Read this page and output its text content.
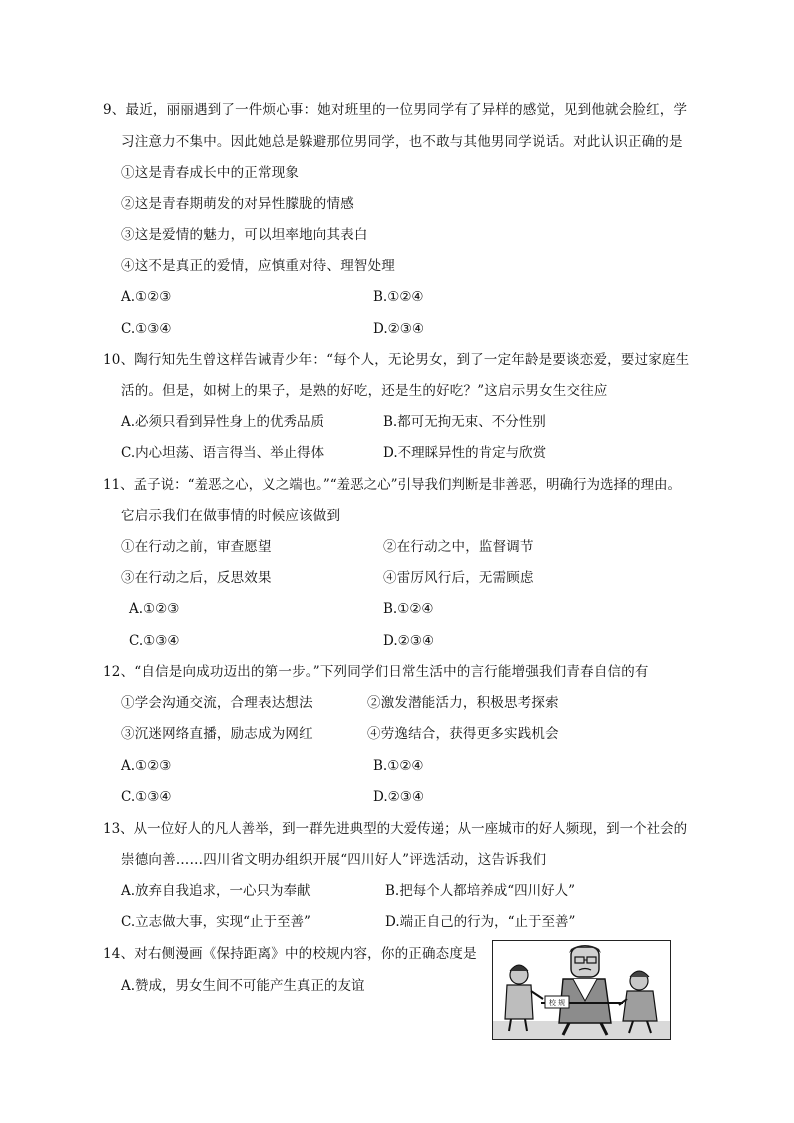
9、最近，丽丽遇到了一件烦心事：她对班里的一位男同学有了异样的感觉，见到他就会脸红，学
习注意力不集中。因此她总是躲避那位男同学，也不敢与其他男同学说话。对此认识正确的是
①这是青春成长中的正常现象
②这是青春期萌发的对异性朦胧的情感
③这是爱情的魅力，可以坦率地向其表白
④这不是真正的爱情，应慎重对待、理智处理
A.①②③	B.①②④
C.①③④	D.②③④
10、陶行知先生曾这样告诫青少年：“每个人，无论男女，到了一定年龄是要谈恋爱，要过家庭生
活的。但是，如树上的果子，是熟的好吃，还是生的好吃？”这启示男女生交往应
A.必须只看到异性身上的优秀品质	B.都可无拘无束、不分性别
C.内心坦荡、语言得当、举止得体	D.不理睬异性的肯定与欣赏
11、孟子说：“羞恶之心，义之端也。”“羞恶之心”引导我们判断是非善恶，明确行为选择的理由。
它启示我们在做事情的时候应该做到
①在行动之前，审查愿望	②在行动之中，监督调节
③在行动之后，反思效果	④雷厉风行后，无需顾虑
A.①②③	B.①②④
C.①③④	D.②③④
12、“自信是向成功迈出的第一步。”下列同学们日常生活中的言行能增强我们青春自信的有
①学会沟通交流，合理表达想法	②激发潜能活力，积极思考探索
③沉迷网络直播，励志成为网红	④劳逸结合，获得更多实践机会
A.①②③	B.①②④
C.①③④	D.②③④
13、从一位好人的凡人善举，到一群先进典型的大爱传递；从一座城市的好人频现，到一个社会的
崇德向善……四川省文明办组织开展“四川好人”评选活动，这告诉我们
A.放弃自我追求，一心只为奉献	B.把每个人都培养成“四川好人”
C.立志做大事，实现“止于至善”	D.端正自己的行为，“止于至善”
14、对右侧漫画《保持距离》中的校规内容，你的正确态度是
A.赞成，男女生间不可能产生真正的友谊
校 规
